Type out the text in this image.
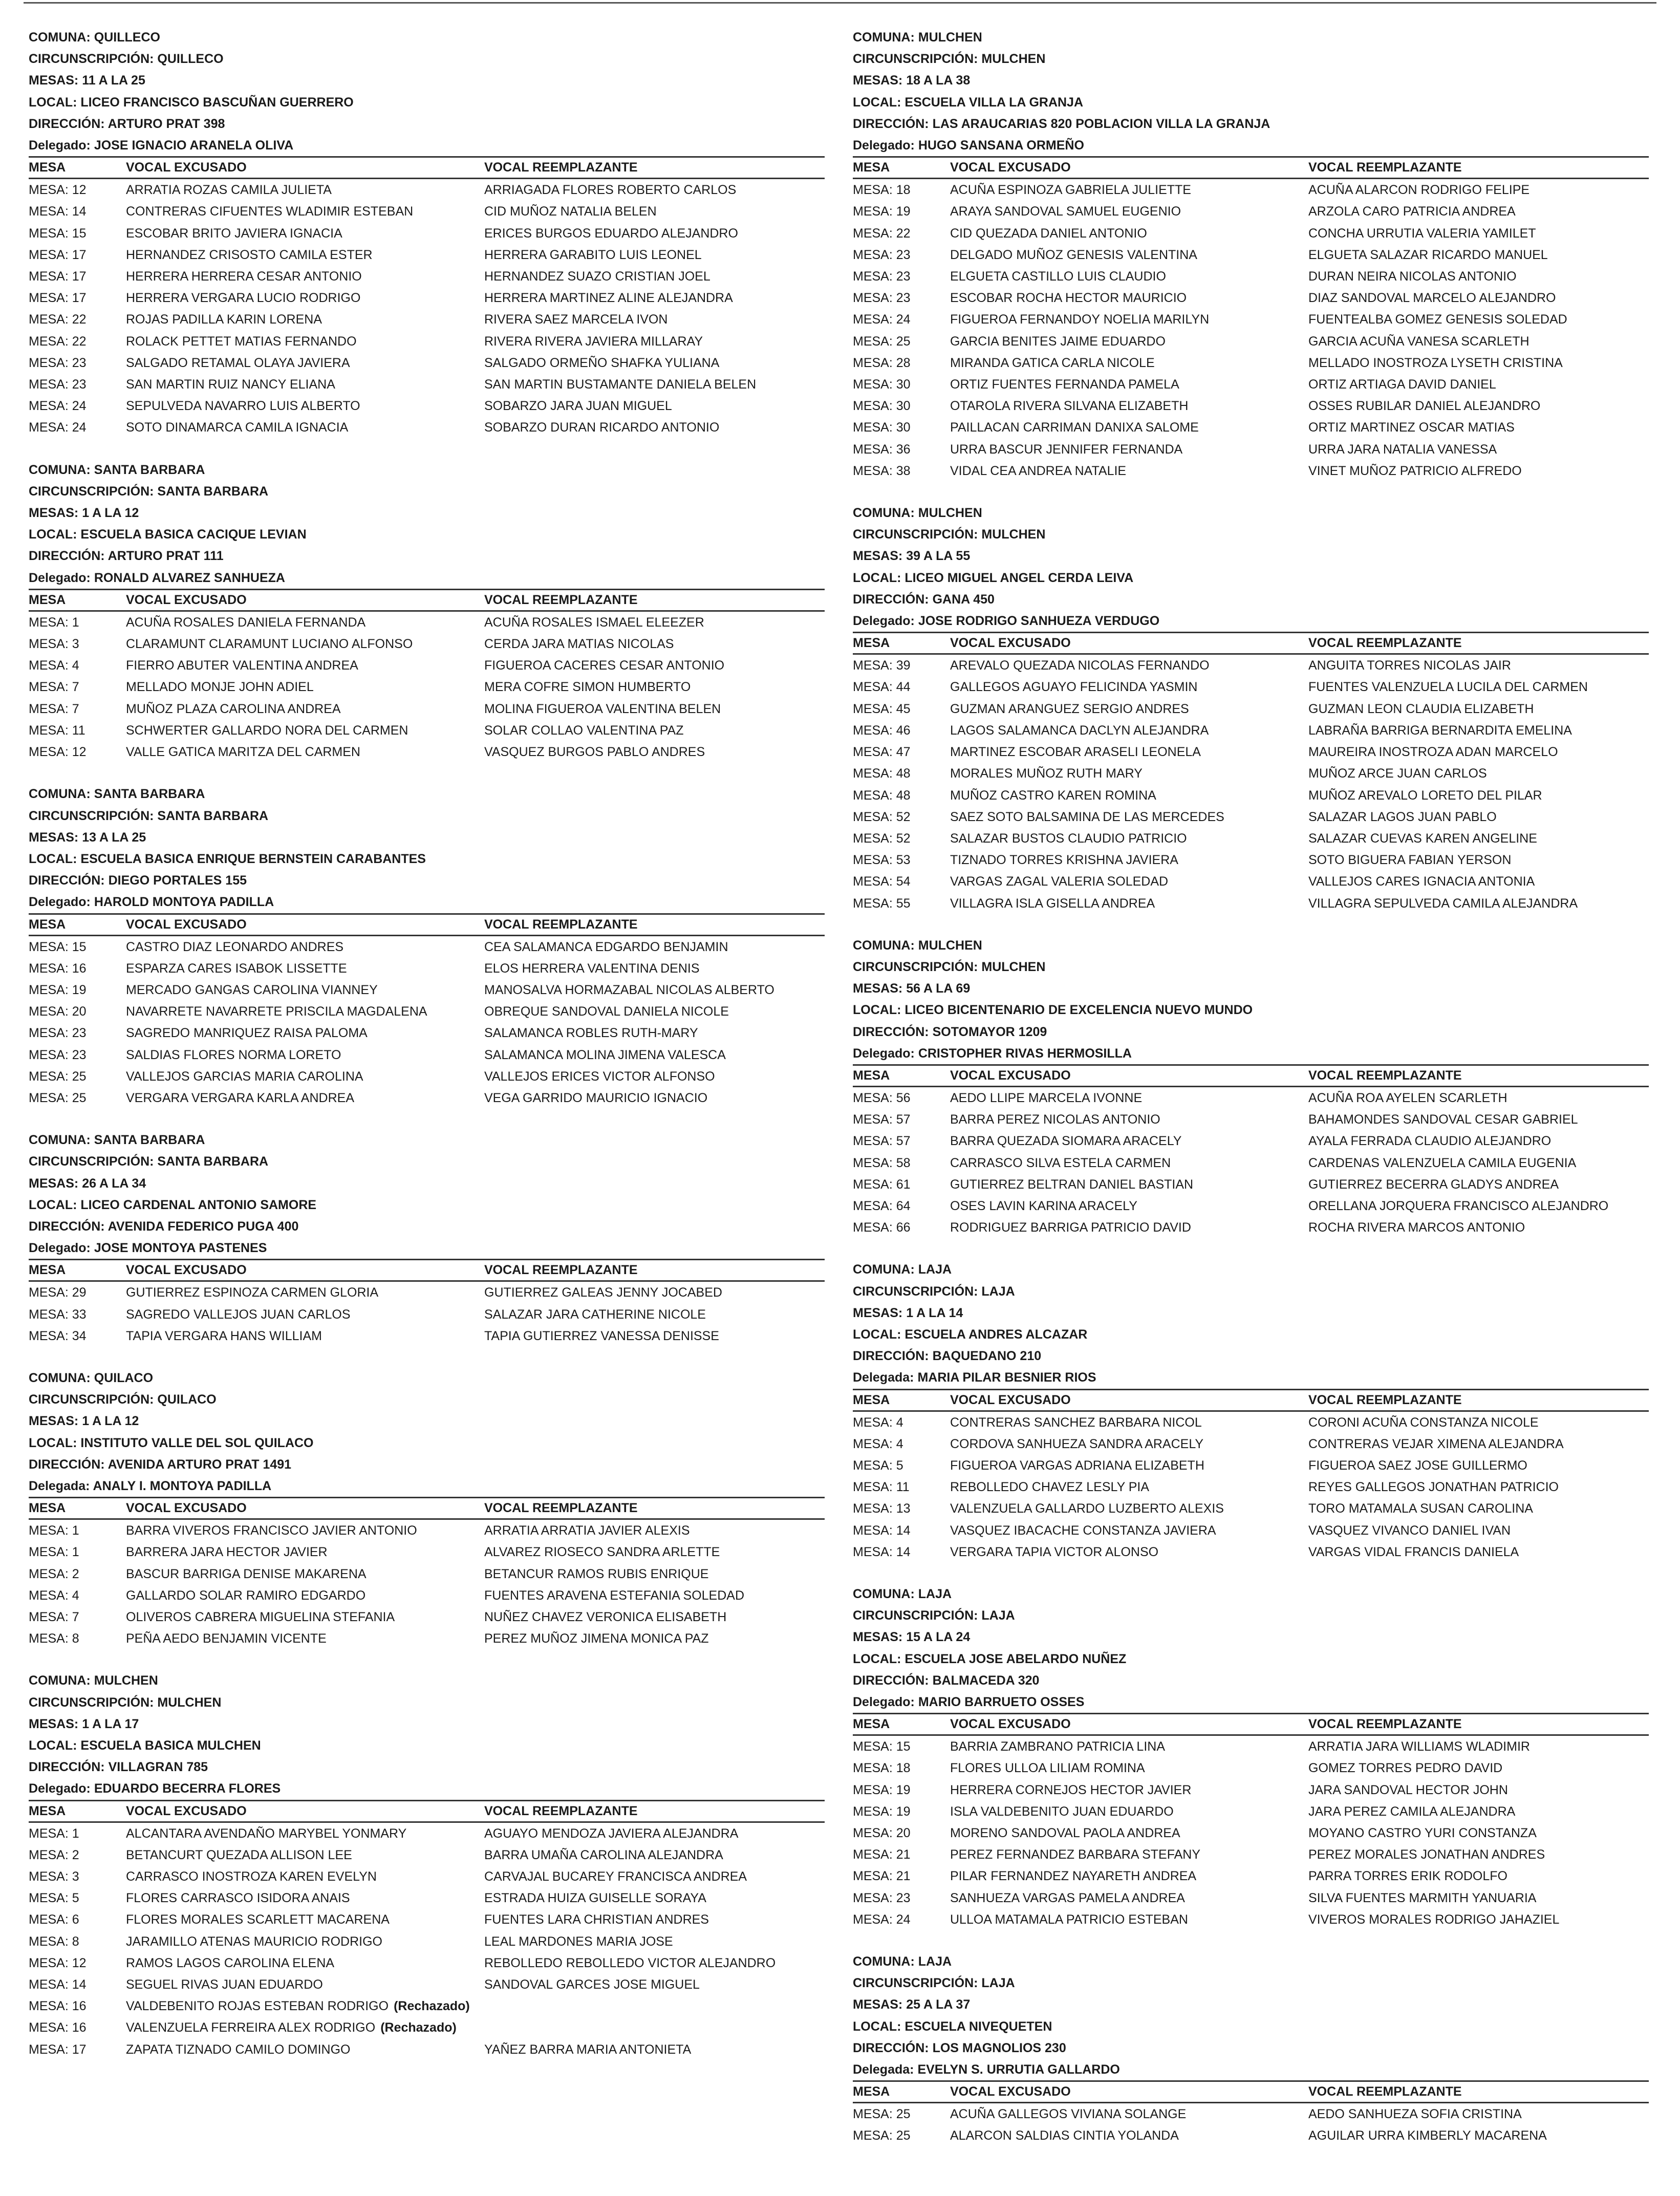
COMUNA : QUILLECO
CIRCUNSCRIPCIÓN : QUILLECO
MESAS : 11 A LA 25
LOCAL : LICEO FRANCISCO BASCUÑAN GUERRERO
DIRECCIÓN : ARTURO PRAT 398
Delegado : JOSE IGNACIO ARANELA OLIVA
MESA	VOCAL EXCUSADO	VOCAL REEMPLAZANTE
MESA: 12	ARRATIA ROZAS CAMILA JULIETA	ARRIAGADA FLORES ROBERTO CARLOS
MESA: 14	CONTRERAS CIFUENTES WLADIMIR ESTEBAN	CID MUÑOZ NATALIA BELEN
MESA: 15	ESCOBAR BRITO JAVIERA IGNACIA	ERICES BURGOS EDUARDO ALEJANDRO
MESA: 17	HERNANDEZ CRISOSTO CAMILA ESTER	HERRERA GARABITO LUIS LEONEL
MESA: 17	HERRERA HERRERA CESAR ANTONIO	HERNANDEZ SUAZO CRISTIAN JOEL
MESA: 17	HERRERA VERGARA LUCIO RODRIGO	HERRERA MARTINEZ ALINE ALEJANDRA
MESA: 22	ROJAS PADILLA KARIN LORENA	RIVERA SAEZ MARCELA IVON
MESA: 22	ROLACK PETTET MATIAS FERNANDO	RIVERA RIVERA JAVIERA MILLARAY
MESA: 23	SALGADO RETAMAL OLAYA JAVIERA	SALGADO ORMEÑO SHAFKA YULIANA
MESA: 23	SAN MARTIN RUIZ NANCY ELIANA	SAN MARTIN BUSTAMANTE DANIELA BELEN
MESA: 24	SEPULVEDA NAVARRO LUIS ALBERTO	SOBARZO JARA JUAN MIGUEL
MESA: 24	SOTO DINAMARCA CAMILA IGNACIA	SOBARZO DURAN RICARDO ANTONIO
COMUNA : SANTA BARBARA
CIRCUNSCRIPCIÓN : SANTA BARBARA
MESAS : 1 A LA 12
LOCAL : ESCUELA BASICA CACIQUE LEVIAN
DIRECCIÓN : ARTURO PRAT 111
Delegado : RONALD ALVAREZ SANHUEZA
MESA	VOCAL EXCUSADO	VOCAL REEMPLAZANTE
MESA: 1	ACUÑA ROSALES DANIELA FERNANDA	ACUÑA ROSALES ISMAEL ELEEZER
MESA: 3	CLARAMUNT CLARAMUNT LUCIANO ALFONSO	CERDA JARA MATIAS NICOLAS
MESA: 4	FIERRO ABUTER VALENTINA ANDREA	FIGUEROA CACERES CESAR ANTONIO
MESA: 7	MELLADO MONJE JOHN ADIEL	MERA COFRE SIMON HUMBERTO
MESA: 7	MUÑOZ PLAZA CAROLINA ANDREA	MOLINA FIGUEROA VALENTINA BELEN
MESA: 11	SCHWERTER GALLARDO NORA DEL CARMEN	SOLAR COLLAO VALENTINA PAZ
MESA: 12	VALLE GATICA MARITZA DEL CARMEN	VASQUEZ BURGOS PABLO ANDRES
COMUNA : SANTA BARBARA
CIRCUNSCRIPCIÓN : SANTA BARBARA
MESAS : 13 A LA 25
LOCAL : ESCUELA BASICA ENRIQUE BERNSTEIN CARABANTES
DIRECCIÓN : DIEGO PORTALES 155
Delegado : HAROLD MONTOYA PADILLA
MESA	VOCAL EXCUSADO	VOCAL REEMPLAZANTE
MESA: 15	CASTRO DIAZ LEONARDO ANDRES	CEA SALAMANCA EDGARDO BENJAMIN
MESA: 16	ESPARZA CARES ISABOK LISSETTE	ELOS HERRERA VALENTINA DENIS
MESA: 19	MERCADO GANGAS CAROLINA VIANNEY	MANOSALVA HORMAZABAL NICOLAS ALBERTO
MESA: 20	NAVARRETE NAVARRETE PRISCILA MAGDALENA	OBREQUE SANDOVAL DANIELA NICOLE
MESA: 23	SAGREDO MANRIQUEZ RAISA PALOMA	SALAMANCA ROBLES RUTH-MARY
MESA: 23	SALDIAS FLORES NORMA LORETO	SALAMANCA MOLINA JIMENA VALESCA
MESA: 25	VALLEJOS GARCIAS MARIA CAROLINA	VALLEJOS ERICES VICTOR ALFONSO
MESA: 25	VERGARA VERGARA KARLA ANDREA	VEGA GARRIDO MAURICIO IGNACIO
COMUNA : SANTA BARBARA
CIRCUNSCRIPCIÓN : SANTA BARBARA
MESAS : 26 A LA 34
LOCAL : LICEO CARDENAL ANTONIO SAMORE
DIRECCIÓN : AVENIDA FEDERICO PUGA 400
Delegado : JOSE MONTOYA PASTENES
MESA	VOCAL EXCUSADO	VOCAL REEMPLAZANTE
MESA: 29	GUTIERREZ ESPINOZA CARMEN GLORIA	GUTIERREZ GALEAS JENNY JOCABED
MESA: 33	SAGREDO VALLEJOS JUAN CARLOS	SALAZAR JARA CATHERINE NICOLE
MESA: 34	TAPIA VERGARA HANS WILLIAM	TAPIA GUTIERREZ VANESSA DENISSE
COMUNA : QUILACO
CIRCUNSCRIPCIÓN : QUILACO
MESAS : 1 A LA 12
LOCAL : INSTITUTO VALLE DEL SOL QUILACO
DIRECCIÓN : AVENIDA ARTURO PRAT 1491
Delegada : ANALY I. MONTOYA PADILLA
MESA	VOCAL EXCUSADO	VOCAL REEMPLAZANTE
MESA: 1	BARRA VIVEROS FRANCISCO JAVIER ANTONIO	ARRATIA ARRATIA JAVIER ALEXIS
MESA: 1	BARRERA JARA HECTOR JAVIER	ALVAREZ RIOSECO SANDRA ARLETTE
MESA: 2	BASCUR BARRIGA DENISE MAKARENA	BETANCUR RAMOS RUBIS ENRIQUE
MESA: 4	GALLARDO SOLAR RAMIRO EDGARDO	FUENTES ARAVENA ESTEFANIA SOLEDAD
MESA: 7	OLIVEROS CABRERA MIGUELINA STEFANIA	NUÑEZ CHAVEZ VERONICA ELISABETH
MESA: 8	PEÑA AEDO BENJAMIN VICENTE	PEREZ MUÑOZ JIMENA MONICA PAZ
COMUNA : MULCHEN
CIRCUNSCRIPCIÓN : MULCHEN
MESAS : 1 A LA 17
LOCAL : ESCUELA BASICA MULCHEN
DIRECCIÓN : VILLAGRAN 785
Delegado : EDUARDO BECERRA FLORES
MESA	VOCAL EXCUSADO	VOCAL REEMPLAZANTE
MESA: 1	ALCANTARA AVENDAÑO MARYBEL YONMARY	AGUAYO MENDOZA JAVIERA ALEJANDRA
MESA: 2	BETANCURT QUEZADA ALLISON LEE	BARRA UMAÑA CAROLINA ALEJANDRA
MESA: 3	CARRASCO INOSTROZA KAREN EVELYN	CARVAJAL BUCAREY FRANCISCA ANDREA
MESA: 5	FLORES CARRASCO ISIDORA ANAIS	ESTRADA HUIZA GUISELLE SORAYA
MESA: 6	FLORES MORALES SCARLETT MACARENA	FUENTES LARA CHRISTIAN ANDRES
MESA: 8	JARAMILLO ATENAS MAURICIO RODRIGO	LEAL MARDONES MARIA JOSE
MESA: 12	RAMOS LAGOS CAROLINA ELENA	REBOLLEDO REBOLLEDO VICTOR ALEJANDRO
MESA: 14	SEGUEL RIVAS JUAN EDUARDO	SANDOVAL GARCES JOSE MIGUEL
MESA: 16	VALDEBENITO ROJAS ESTEBAN RODRIGO (Rechazado)	
MESA: 16	VALENZUELA FERREIRA ALEX RODRIGO (Rechazado)	
MESA: 17	ZAPATA TIZNADO CAMILO DOMINGO	YAÑEZ BARRA MARIA ANTONIETA
COMUNA : MULCHEN
CIRCUNSCRIPCIÓN : MULCHEN
MESAS : 18 A LA 38
LOCAL : ESCUELA VILLA LA GRANJA
DIRECCIÓN : LAS ARAUCARIAS 820 POBLACION VILLA LA GRANJA
Delegado : HUGO SANSANA ORMEÑO
MESA	VOCAL EXCUSADO	VOCAL REEMPLAZANTE
MESA: 18	ACUÑA ESPINOZA GABRIELA JULIETTE	ACUÑA ALARCON RODRIGO FELIPE
MESA: 19	ARAYA SANDOVAL SAMUEL EUGENIO	ARZOLA CARO PATRICIA ANDREA
MESA: 22	CID QUEZADA DANIEL ANTONIO	CONCHA URRUTIA VALERIA YAMILET
MESA: 23	DELGADO MUÑOZ GENESIS VALENTINA	ELGUETA SALAZAR RICARDO MANUEL
MESA: 23	ELGUETA CASTILLO LUIS CLAUDIO	DURAN NEIRA NICOLAS ANTONIO
MESA: 23	ESCOBAR ROCHA HECTOR MAURICIO	DIAZ SANDOVAL MARCELO ALEJANDRO
MESA: 24	FIGUEROA FERNANDOY NOELIA MARILYN	FUENTEALBA GOMEZ GENESIS SOLEDAD
MESA: 25	GARCIA BENITES JAIME EDUARDO	GARCIA ACUÑA VANESA SCARLETH
MESA: 28	MIRANDA GATICA CARLA NICOLE	MELLADO INOSTROZA LYSETH CRISTINA
MESA: 30	ORTIZ FUENTES FERNANDA PAMELA	ORTIZ ARTIAGA DAVID DANIEL
MESA: 30	OTAROLA RIVERA SILVANA ELIZABETH	OSSES RUBILAR DANIEL ALEJANDRO
MESA: 30	PAILLACAN CARRIMAN DANIXA SALOME	ORTIZ MARTINEZ OSCAR MATIAS
MESA: 36	URRA BASCUR JENNIFER FERNANDA	URRA JARA NATALIA VANESSA
MESA: 38	VIDAL CEA ANDREA NATALIE	VINET MUÑOZ PATRICIO ALFREDO
COMUNA : MULCHEN
CIRCUNSCRIPCIÓN : MULCHEN
MESAS : 39 A LA 55
LOCAL : LICEO MIGUEL ANGEL CERDA LEIVA
DIRECCIÓN : GANA 450
Delegado : JOSE RODRIGO SANHUEZA VERDUGO
MESA	VOCAL EXCUSADO	VOCAL REEMPLAZANTE
MESA: 39	AREVALO QUEZADA NICOLAS FERNANDO	ANGUITA TORRES NICOLAS JAIR
MESA: 44	GALLEGOS AGUAYO FELICINDA YASMIN	FUENTES VALENZUELA LUCILA DEL CARMEN
MESA: 45	GUZMAN ARANGUEZ SERGIO ANDRES	GUZMAN LEON CLAUDIA ELIZABETH
MESA: 46	LAGOS SALAMANCA DACLYN ALEJANDRA	LABRAÑA BARRIGA BERNARDITA EMELINA
MESA: 47	MARTINEZ ESCOBAR ARASELI LEONELA	MAUREIRA INOSTROZA ADAN MARCELO
MESA: 48	MORALES MUÑOZ RUTH MARY	MUÑOZ ARCE JUAN CARLOS
MESA: 48	MUÑOZ CASTRO KAREN ROMINA	MUÑOZ AREVALO LORETO DEL PILAR
MESA: 52	SAEZ SOTO BALSAMINA DE LAS MERCEDES	SALAZAR LAGOS JUAN PABLO
MESA: 52	SALAZAR BUSTOS CLAUDIO PATRICIO	SALAZAR CUEVAS KAREN ANGELINE
MESA: 53	TIZNADO TORRES KRISHNA JAVIERA	SOTO BIGUERA FABIAN YERSON
MESA: 54	VARGAS ZAGAL VALERIA SOLEDAD	VALLEJOS CARES IGNACIA ANTONIA
MESA: 55	VILLAGRA ISLA GISELLA ANDREA	VILLAGRA SEPULVEDA CAMILA ALEJANDRA
COMUNA : MULCHEN
CIRCUNSCRIPCIÓN : MULCHEN
MESAS : 56 A LA 69
LOCAL : LICEO BICENTENARIO DE EXCELENCIA NUEVO MUNDO
DIRECCIÓN : SOTOMAYOR 1209
Delegado : CRISTOPHER RIVAS HERMOSILLA
MESA	VOCAL EXCUSADO	VOCAL REEMPLAZANTE
MESA: 56	AEDO LLIPE MARCELA IVONNE	ACUÑA ROA AYELEN SCARLETH
MESA: 57	BARRA PEREZ NICOLAS ANTONIO	BAHAMONDES SANDOVAL CESAR GABRIEL
MESA: 57	BARRA QUEZADA SIOMARA ARACELY	AYALA FERRADA CLAUDIO ALEJANDRO
MESA: 58	CARRASCO SILVA ESTELA CARMEN	CARDENAS VALENZUELA CAMILA EUGENIA
MESA: 61	GUTIERREZ BELTRAN DANIEL BASTIAN	GUTIERREZ BECERRA GLADYS ANDREA
MESA: 64	OSES LAVIN KARINA ARACELY	ORELLANA JORQUERA FRANCISCO ALEJANDRO
MESA: 66	RODRIGUEZ BARRIGA PATRICIO DAVID	ROCHA RIVERA MARCOS ANTONIO
COMUNA : LAJA
CIRCUNSCRIPCIÓN : LAJA
MESAS : 1 A LA 14
LOCAL : ESCUELA ANDRES ALCAZAR
DIRECCIÓN : BAQUEDANO 210
Delegada : MARIA PILAR BESNIER RIOS
MESA	VOCAL EXCUSADO	VOCAL REEMPLAZANTE
MESA: 4	CONTRERAS SANCHEZ BARBARA NICOL	CORONI ACUÑA CONSTANZA NICOLE
MESA: 4	CORDOVA SANHUEZA SANDRA ARACELY	CONTRERAS VEJAR XIMENA ALEJANDRA
MESA: 5	FIGUEROA VARGAS ADRIANA ELIZABETH	FIGUEROA SAEZ JOSE GUILLERMO
MESA: 11	REBOLLEDO CHAVEZ LESLY PIA	REYES GALLEGOS JONATHAN PATRICIO
MESA: 13	VALENZUELA GALLARDO LUZBERTO ALEXIS	TORO MATAMALA SUSAN CAROLINA
MESA: 14	VASQUEZ IBACACHE CONSTANZA JAVIERA	VASQUEZ VIVANCO DANIEL IVAN
MESA: 14	VERGARA TAPIA VICTOR ALONSO	VARGAS VIDAL FRANCIS DANIELA
COMUNA : LAJA
CIRCUNSCRIPCIÓN : LAJA
MESAS : 15 A LA 24
LOCAL : ESCUELA JOSE ABELARDO NUÑEZ
DIRECCIÓN : BALMACEDA 320
Delegado : MARIO BARRUETO OSSES
MESA	VOCAL EXCUSADO	VOCAL REEMPLAZANTE
MESA: 15	BARRIA ZAMBRANO PATRICIA LINA	ARRATIA JARA WILLIAMS WLADIMIR
MESA: 18	FLORES ULLOA LILIAM ROMINA	GOMEZ TORRES PEDRO DAVID
MESA: 19	HERRERA CORNEJOS HECTOR JAVIER	JARA SANDOVAL HECTOR JOHN
MESA: 19	ISLA VALDEBENITO JUAN EDUARDO	JARA PEREZ CAMILA ALEJANDRA
MESA: 20	MORENO SANDOVAL PAOLA ANDREA	MOYANO CASTRO YURI CONSTANZA
MESA: 21	PEREZ FERNANDEZ BARBARA STEFANY	PEREZ MORALES JONATHAN ANDRES
MESA: 21	PILAR FERNANDEZ NAYARETH ANDREA	PARRA TORRES ERIK RODOLFO
MESA: 23	SANHUEZA VARGAS PAMELA ANDREA	SILVA FUENTES MARMITH YANUARIA
MESA: 24	ULLOA MATAMALA PATRICIO ESTEBAN	VIVEROS MORALES RODRIGO JAHAZIEL
COMUNA : LAJA
CIRCUNSCRIPCIÓN : LAJA
MESAS : 25 A LA 37
LOCAL : ESCUELA NIVEQUETEN
DIRECCIÓN : LOS MAGNOLIOS 230
Delegada : EVELYN S. URRUTIA GALLARDO
MESA	VOCAL EXCUSADO	VOCAL REEMPLAZANTE
MESA: 25	ACUÑA GALLEGOS VIVIANA SOLANGE	AEDO SANHUEZA SOFIA CRISTINA
MESA: 25	ALARCON SALDIAS CINTIA YOLANDA	AGUILAR URRA KIMBERLY MACARENA
